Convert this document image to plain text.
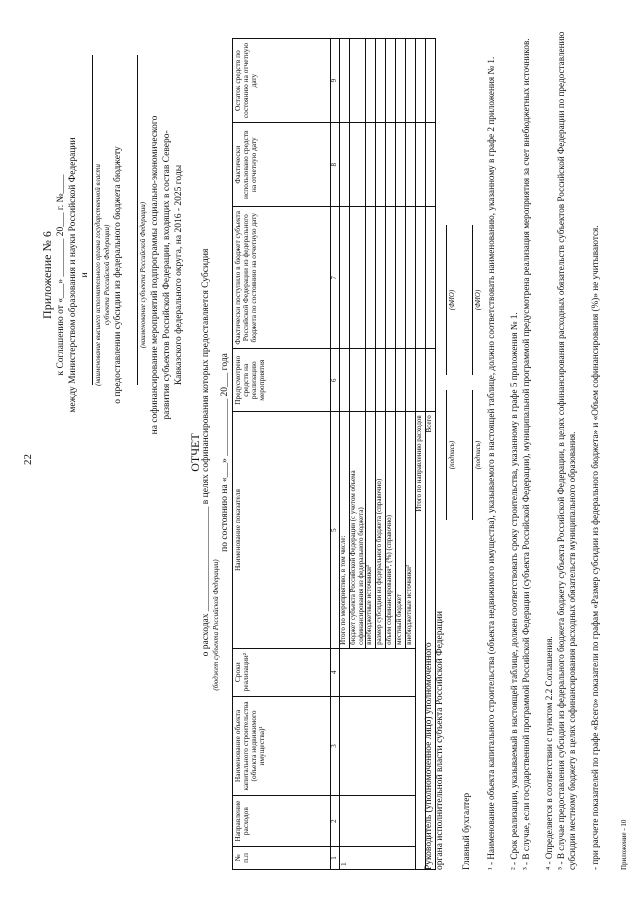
22
Приложение № 6 к Соглашению от «___» ________ 20___ г. №____ между Министерством образования и науки Российской Федерации и (наименование высшего исполнительного органа государственной власти субъекта Российской Федерации) о предоставлении субсидии из федерального бюджета бюджету (наименование субъекта Российской Федерации) на софинансирование мероприятий подпрограммы социально-экономического развития субъектов Российской Федерации, входящих в состав Северо- Кавказского федерального округа, на 2016 - 2025 годы
ОТЧЕТ о расходах ______________________ в целях софинансирования которых предоставляется Субсидия (бюджет субъекта Российской Федерации)
по состоянию на «___» ____________ 20___ года
№ п.п	Направление расходов	Наименование объекта капитального строительства (объекта недвижимого имущества)¹	Сроки реализации²	Наименование показателя	Предусмотрено средств на реализацию мероприятия	Фактически поступило в бюджет субъекта Российской Федерации из федерального бюджета по состоянию на отчетную дату	Фактически использовано средств на отчетную дату	Остаток средств по состоянию на отчетную дату
1	2	3	4	5	6	7	8	9
1				Итого по мероприятию, в том числе:				
				бюджет субъекта Российской Федерации (с учетом объема софинансирования из федерального бюджета)				
				внебюджетные источники³				
				размер субсидии из федерального бюджета (справочно)				
				объем софинансирования⁴, (%) (справочно)				
				местный бюджет				
				внебюджетные источники³				
Итого по направлению расходов								
Всего								
Руководитель (уполномоченное лицо) уполномоченного органа исполнительной власти субъекта Российской Федерации
(подпись)
(ФИО)
Главный бухгалтер
(подпись)
(ФИО) ¹ - Наименование объекта капитального строительства (объекта недвижимого имущества), указываемого в настоящей таблице, должно соответствовать наименованию, указанному в графе 2 приложения № 1. ² - Срок реализации, указываемый в настоящей таблице, должен соответствовать сроку строительства, указанному в графе 5 приложения № 1. ³ - В случае, если государственной программой Российской Федерации (субъекта Российской Федерации), муниципальной программой предусмотрена реализация мероприятия за счет внебюджетных источников. ⁴ - Определяется в соответствии с пунктом 2.2 Соглашения. ⁵ - В случае предоставления субсидии из федерального бюджета бюджету субъекта Российской Федерации, в целях софинансирования расходных обязательств субъектов Российской Федерации по предоставлению субсидии местному бюджету в целях софинансирования расходных обязательств муниципального образования. - при расчете показателей по графе «Всего» показатели по графам «Размер субсидии из федерального бюджета» и «Объем софинансирования (%)» не учитываются.	Приложение - 10
